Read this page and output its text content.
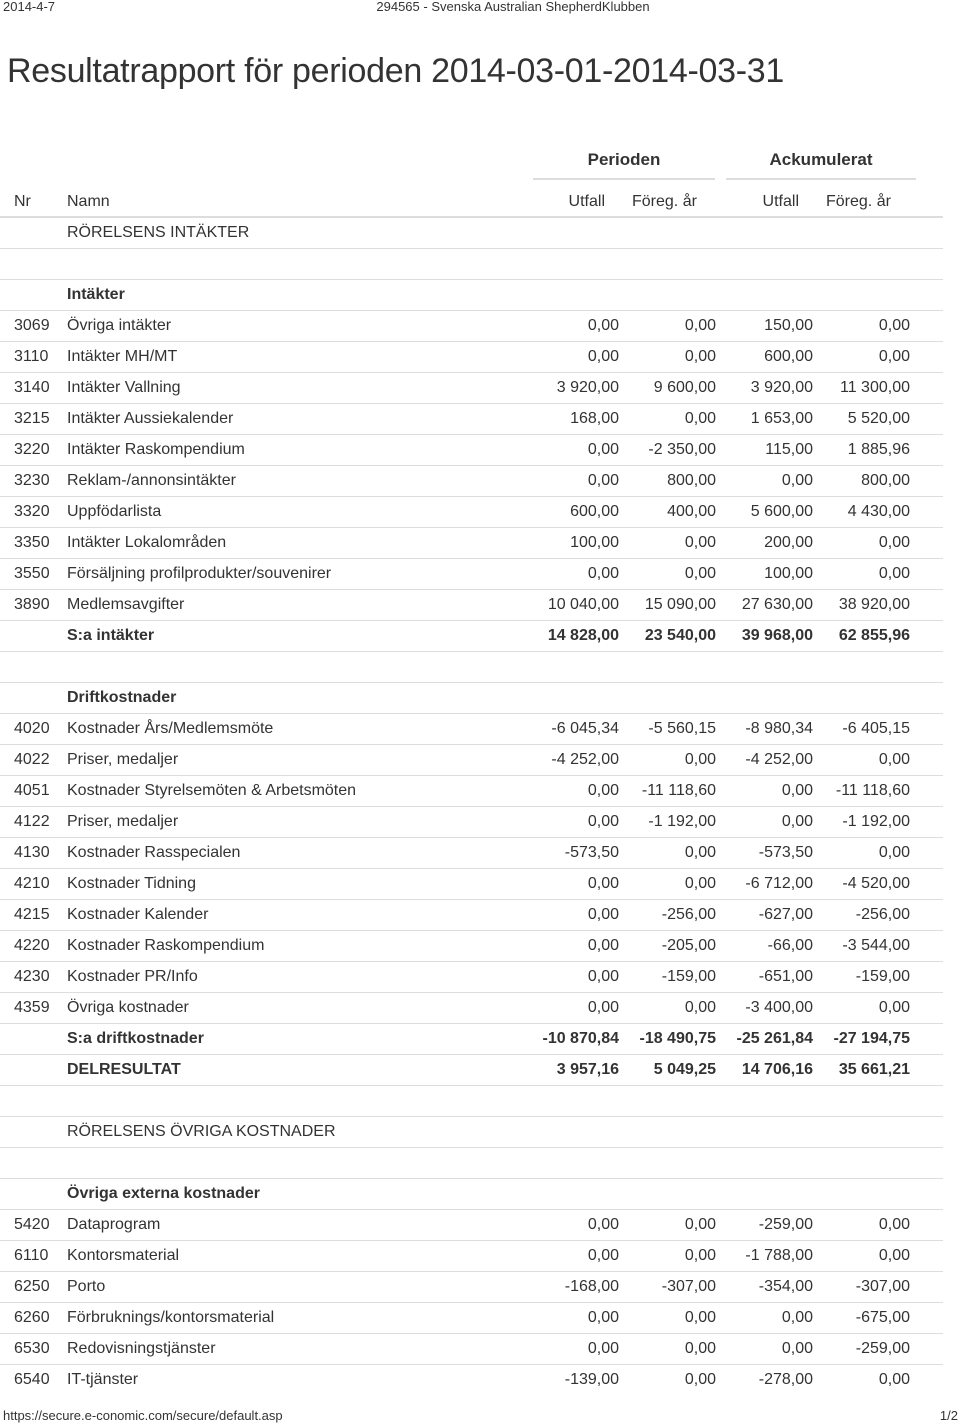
2014-4-7	294565 - Svenska Australian ShepherdKlubben
Resultatrapport för perioden 2014-03-01-2014-03-31
Perioden	Ackumulerat
Nr	Namn	Utfall	Föreg. år	Utfall	Föreg. år	
	RÖRELSENS INTÄKTER					

	Intäkter					
3069	Övriga intäkter	0,00	0,00	150,00	0,00	
3110	Intäkter MH/MT	0,00	0,00	600,00	0,00	
3140	Intäkter Vallning	3 920,00	9 600,00	3 920,00	11 300,00	
3215	Intäkter Aussiekalender	168,00	0,00	1 653,00	5 520,00	
3220	Intäkter Raskompendium	0,00	-2 350,00	115,00	1 885,96	
3230	Reklam-/annonsintäkter	0,00	800,00	0,00	800,00	
3320	Uppfödarlista	600,00	400,00	5 600,00	4 430,00	
3350	Intäkter Lokalområden	100,00	0,00	200,00	0,00	
3550	Försäljning profilprodukter/souvenirer	0,00	0,00	100,00	0,00	
3890	Medlemsavgifter	10 040,00	15 090,00	27 630,00	38 920,00	
	S:a intäkter	14 828,00	23 540,00	39 968,00	62 855,96	

	Driftkostnader					
4020	Kostnader Års/Medlemsmöte	-6 045,34	-5 560,15	-8 980,34	-6 405,15	
4022	Priser, medaljer	-4 252,00	0,00	-4 252,00	0,00	
4051	Kostnader Styrelsemöten & Arbetsmöten	0,00	-11 118,60	0,00	-11 118,60	
4122	Priser, medaljer	0,00	-1 192,00	0,00	-1 192,00	
4130	Kostnader Rasspecialen	-573,50	0,00	-573,50	0,00	
4210	Kostnader Tidning	0,00	0,00	-6 712,00	-4 520,00	
4215	Kostnader Kalender	0,00	-256,00	-627,00	-256,00	
4220	Kostnader Raskompendium	0,00	-205,00	-66,00	-3 544,00	
4230	Kostnader PR/Info	0,00	-159,00	-651,00	-159,00	
4359	Övriga kostnader	0,00	0,00	-3 400,00	0,00	
	S:a driftkostnader	-10 870,84	-18 490,75	-25 261,84	-27 194,75	
	DELRESULTAT	3 957,16	5 049,25	14 706,16	35 661,21	

	RÖRELSENS ÖVRIGA KOSTNADER					

	Övriga externa kostnader					
5420	Dataprogram	0,00	0,00	-259,00	0,00	
6110	Kontorsmaterial	0,00	0,00	-1 788,00	0,00	
6250	Porto	-168,00	-307,00	-354,00	-307,00	
6260	Förbruknings/kontorsmaterial	0,00	0,00	0,00	-675,00	
6530	Redovisningstjänster	0,00	0,00	0,00	-259,00	
6540	IT-tjänster	-139,00	0,00	-278,00	0,00	
https://secure.e-conomic.com/secure/default.asp	1/2
